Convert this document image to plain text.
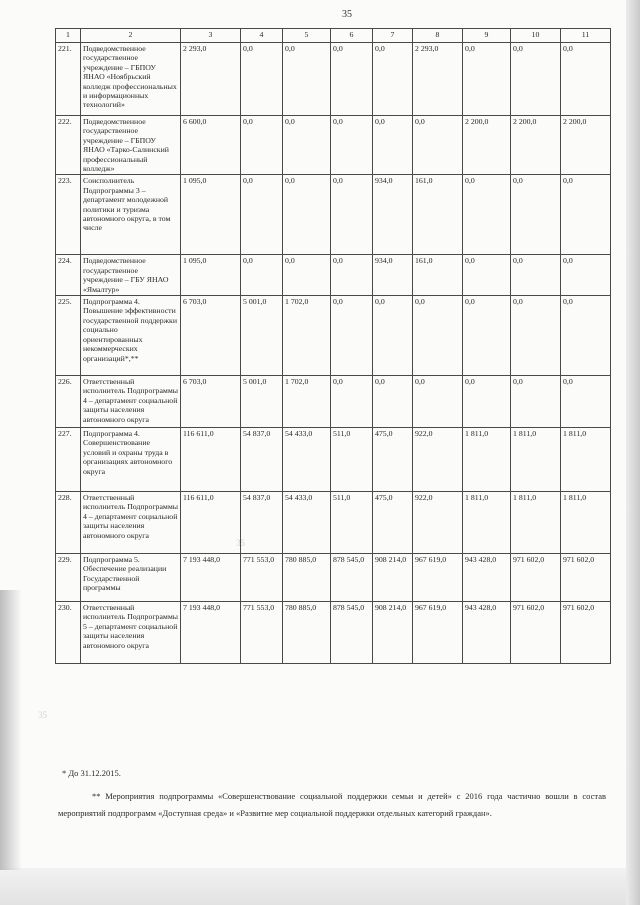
35
35
35
1	2	3	4	5	6	7	8	9	10	11
221.	Подведомственное государственное учреждение – ГБПОУ ЯНАО «Ноябрьский колледж профессиональных и информационных технологий»	2 293,0	0,0	0,0	0,0	0,0	2 293,0	0,0	0,0	0,0
222.	Подведомственное государственное учреждение – ГБПОУ ЯНАО «Тарко-Салинский профессиональный колледж»	6 600,0	0,0	0,0	0,0	0,0	0,0	2 200,0	2 200,0	2 200,0
223.	Соисполнитель Подпрограммы 3 – департамент молодежной политики и туризма автономного округа, в том числе	1 095,0	0,0	0,0	0,0	934,0	161,0	0,0	0,0	0,0
224.	Подведомственное государственное учреждение – ГБУ ЯНАО «Ямалтур»	1 095,0	0,0	0,0	0,0	934,0	161,0	0,0	0,0	0,0
225.	Подпрограмма 4. Повышение эффективности государственной поддержки социально ориентированных некоммерческих организаций*,**	6 703,0	5 001,0	1 702,0	0,0	0,0	0,0	0,0	0,0	0,0
226.	Ответственный исполнитель Подпрограммы 4 – департамент социальной защиты населения автономного округа	6 703,0	5 001,0	1 702,0	0,0	0,0	0,0	0,0	0,0	0,0
227.	Подпрограмма 4. Совершенствование условий и охраны труда в организациях автономного округа	116 611,0	54 837,0	54 433,0	511,0	475,0	922,0	1 811,0	1 811,0	1 811,0
228.	Ответственный исполнитель Подпрограммы 4 – департамент социальной защиты населения автономного округа	116 611,0	54 837,0	54 433,0	511,0	475,0	922,0	1 811,0	1 811,0	1 811,0
229.	Подпрограмма 5. Обеспечение реализации Государственной программы	7 193 448,0	771 553,0	780 885,0	878 545,0	908 214,0	967 619,0	943 428,0	971 602,0	971 602,0
230.	Ответственный исполнитель Подпрограммы 5 – департамент социальной защиты населения автономного округа	7 193 448,0	771 553,0	780 885,0	878 545,0	908 214,0	967 619,0	943 428,0	971 602,0	971 602,0
* До 31.12.2015.
** Мероприятия подпрограммы «Совершенствование социальной поддержки семьи и детей» с 2016 года частично вошли в состав мероприятий подпрограмм «Доступная среда» и «Развитие мер социальной поддержки отдельных категорий граждан».
